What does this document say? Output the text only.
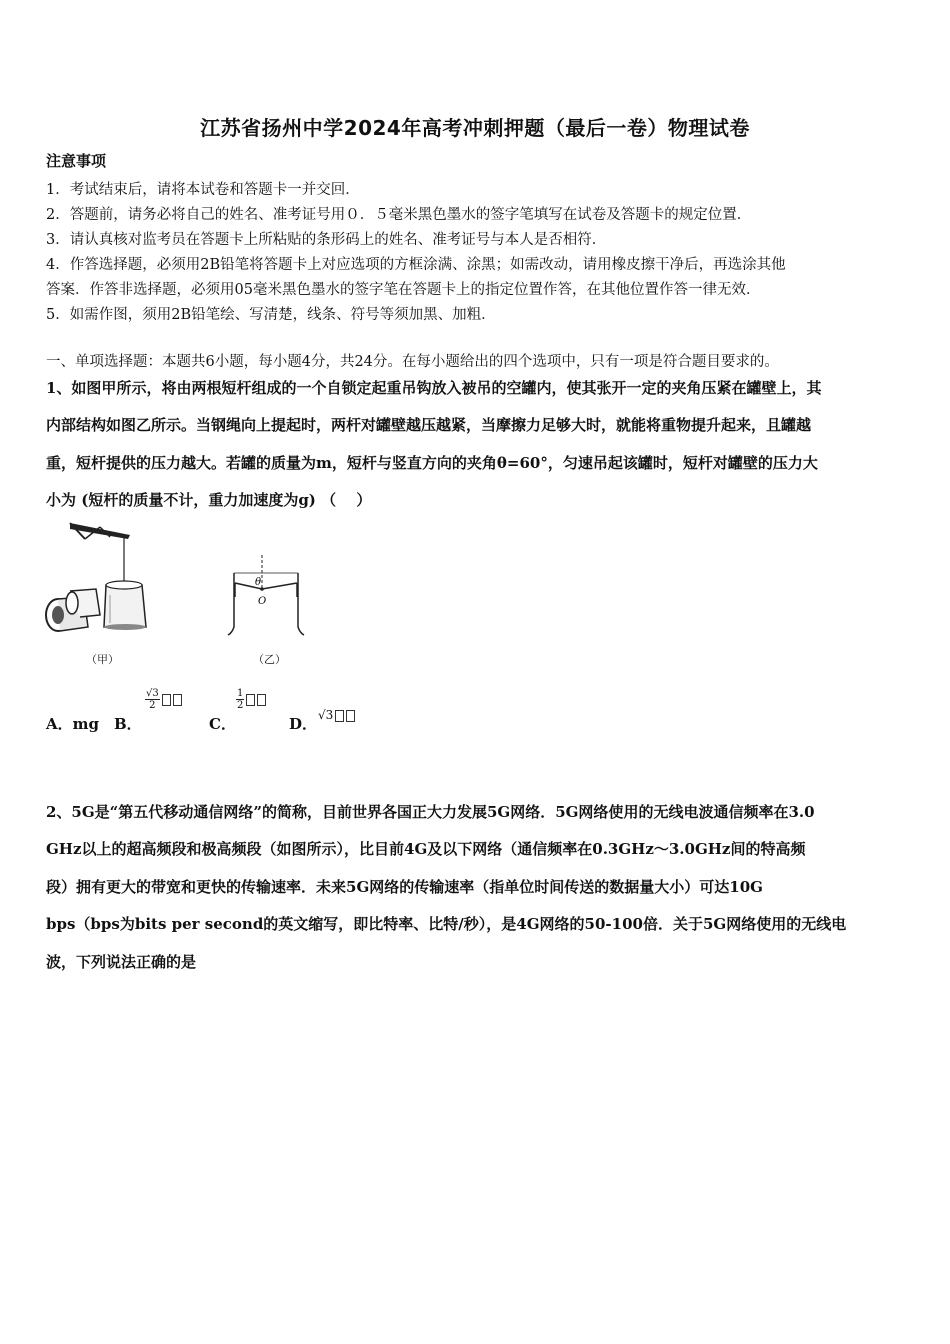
江苏省扬州中学2024年高考冲刺押题（最后一卷）物理试卷
注意事项
1．考试结束后，请将本试卷和答题卡一并交回．
2．答题前，请务必将自己的姓名、准考证号用０．５毫米黑色墨水的签字笔填写在试卷及答题卡的规定位置．
3．请认真核对监考员在答题卡上所粘贴的条形码上的姓名、准考证号与本人是否相符．
4．作答选择题，必须用2B铅笔将答题卡上对应选项的方框涂满、涂黑；如需改动，请用橡皮擦干净后，再选涂其他
答案．作答非选择题，必须用05毫米黑色墨水的签字笔在答题卡上的指定位置作答，在其他位置作答一律无效．
5．如需作图，须用2B铅笔绘、写清楚，线条、符号等须加黑、加粗．
一、单项选择题：本题共6小题，每小题4分，共24分。在每小题给出的四个选项中，只有一项是符合题目要求的。
1、如图甲所示，将由两根短杆组成的一个自锁定起重吊钩放入被吊的空罐内，使其张开一定的夹角压紧在罐壁上，其
内部结构如图乙所示。当钢绳向上提起时，两杆对罐壁越压越紧，当摩擦力足够大时，就能将重物提升起来，且罐越
重，短杆提供的压力越大。若罐的质量为m，短杆与竖直方向的夹角θ=60°，匀速吊起该罐时，短杆对罐壁的压力大
小为 (短杆的质量不计，重力加速度为g) （　 ）
（甲）
θ
O
（乙）
A．mg B．
$\frac{√3}{2}$
C．
$\frac{1}{2}$
D． √3
2、5G是“第五代移动通信网络”的简称，目前世界各国正大力发展5G网络．5G网络使用的无线电波通信频率在3.0
GHz以上的超高频段和极高频段（如图所示），比目前4G及以下网络（通信频率在0.3GHz～3.0GHz间的特高频
段）拥有更大的带宽和更快的传输速率．未来5G网络的传输速率（指单位时间传送的数据量大小）可达10G
bps（bps为bits per second的英文缩写，即比特率、比特/秒），是4G网络的50-100倍．关于5G网络使用的无线电
波，下列说法正确的是
